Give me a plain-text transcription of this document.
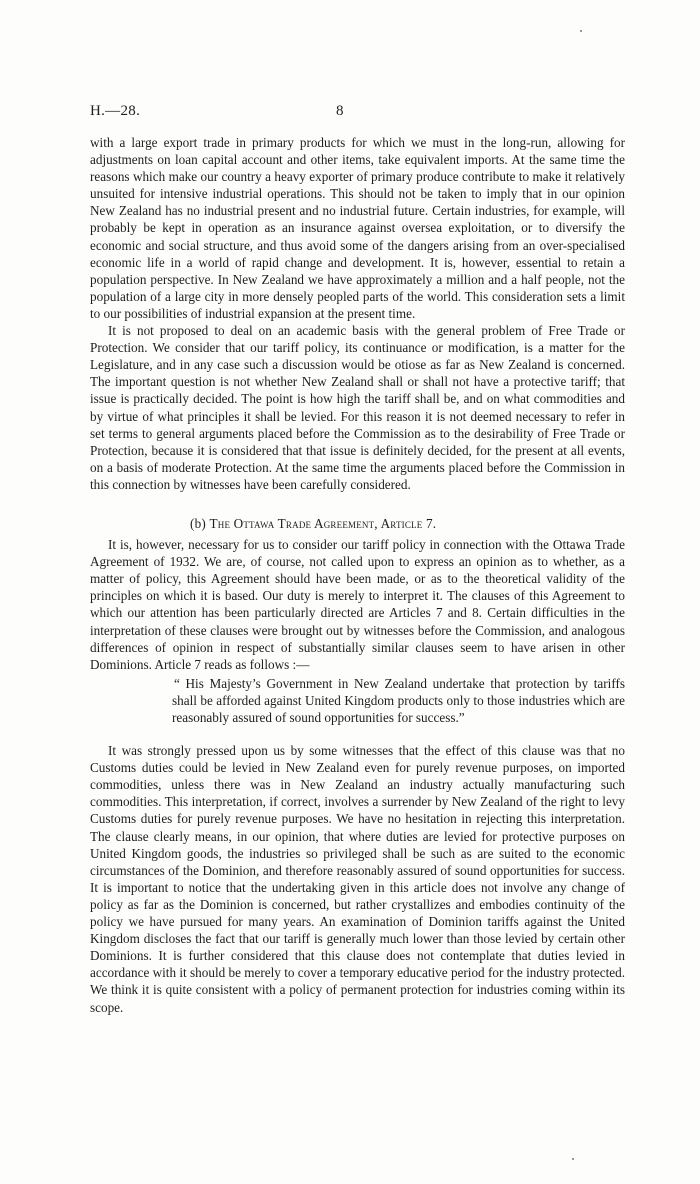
H.—28.	8

with a large export trade in primary products for which we must in the long-run, allowing for adjustments on loan capital account and other items, take equivalent imports. At the same time the reasons which make our country a heavy exporter of primary produce contribute to make it relatively unsuited for intensive industrial operations. This should not be taken to imply that in our opinion New Zealand has no industrial present and no industrial future. Certain industries, for example, will probably be kept in operation as an insurance against oversea exploitation, or to diversify the economic and social structure, and thus avoid some of the dangers arising from an over-specialised economic life in a world of rapid change and development. It is, however, essential to retain a population perspective. In New Zealand we have approximately a million and a half people, not the population of a large city in more densely peopled parts of the world. This consideration sets a limit to our possibilities of industrial expansion at the present time.

It is not proposed to deal on an academic basis with the general problem of Free Trade or Protection. We consider that our tariff policy, its continuance or modification, is a matter for the Legislature, and in any case such a discussion would be otiose as far as New Zealand is concerned. The important question is not whether New Zealand shall or shall not have a protective tariff; that issue is practically decided. The point is how high the tariff shall be, and on what commodities and by virtue of what principles it shall be levied. For this reason it is not deemed necessary to refer in set terms to general arguments placed before the Commission as to the desirability of Free Trade or Protection, because it is considered that that issue is definitely decided, for the present at all events, on a basis of moderate Protection. At the same time the arguments placed before the Commission in this connection by witnesses have been carefully considered.

(b) The Ottawa Trade Agreement, Article 7.

It is, however, necessary for us to consider our tariff policy in connection with the Ottawa Trade Agreement of 1932. We are, of course, not called upon to express an opinion as to whether, as a matter of policy, this Agreement should have been made, or as to the theoretical validity of the principles on which it is based. Our duty is merely to interpret it. The clauses of this Agreement to which our attention has been particularly directed are Articles 7 and 8. Certain difficulties in the interpretation of these clauses were brought out by witnesses before the Commission, and analogous differences of opinion in respect of substantially similar clauses seem to have arisen in other Dominions. Article 7 reads as follows :—

“ His Majesty’s Government in New Zealand undertake that protection by tariffs shall be afforded against United Kingdom products only to those industries which are reasonably assured of sound opportunities for success.”

It was strongly pressed upon us by some witnesses that the effect of this clause was that no Customs duties could be levied in New Zealand even for purely revenue purposes, on imported commodities, unless there was in New Zealand an industry actually manufacturing such commodities. This interpretation, if correct, involves a surrender by New Zealand of the right to levy Customs duties for purely revenue purposes. We have no hesitation in rejecting this interpretation. The clause clearly means, in our opinion, that where duties are levied for protective purposes on United Kingdom goods, the industries so privileged shall be such as are suited to the economic circumstances of the Dominion, and therefore reasonably assured of sound opportunities for success. It is important to notice that the undertaking given in this article does not involve any change of policy as far as the Dominion is concerned, but rather crystallizes and embodies continuity of the policy we have pursued for many years. An examination of Dominion tariffs against the United Kingdom discloses the fact that our tariff is generally much lower than those levied by certain other Dominions. It is further considered that this clause does not contemplate that duties levied in accordance with it should be merely to cover a temporary educative period for the industry protected. We think it is quite consistent with a policy of permanent protection for industries coming within its scope.
